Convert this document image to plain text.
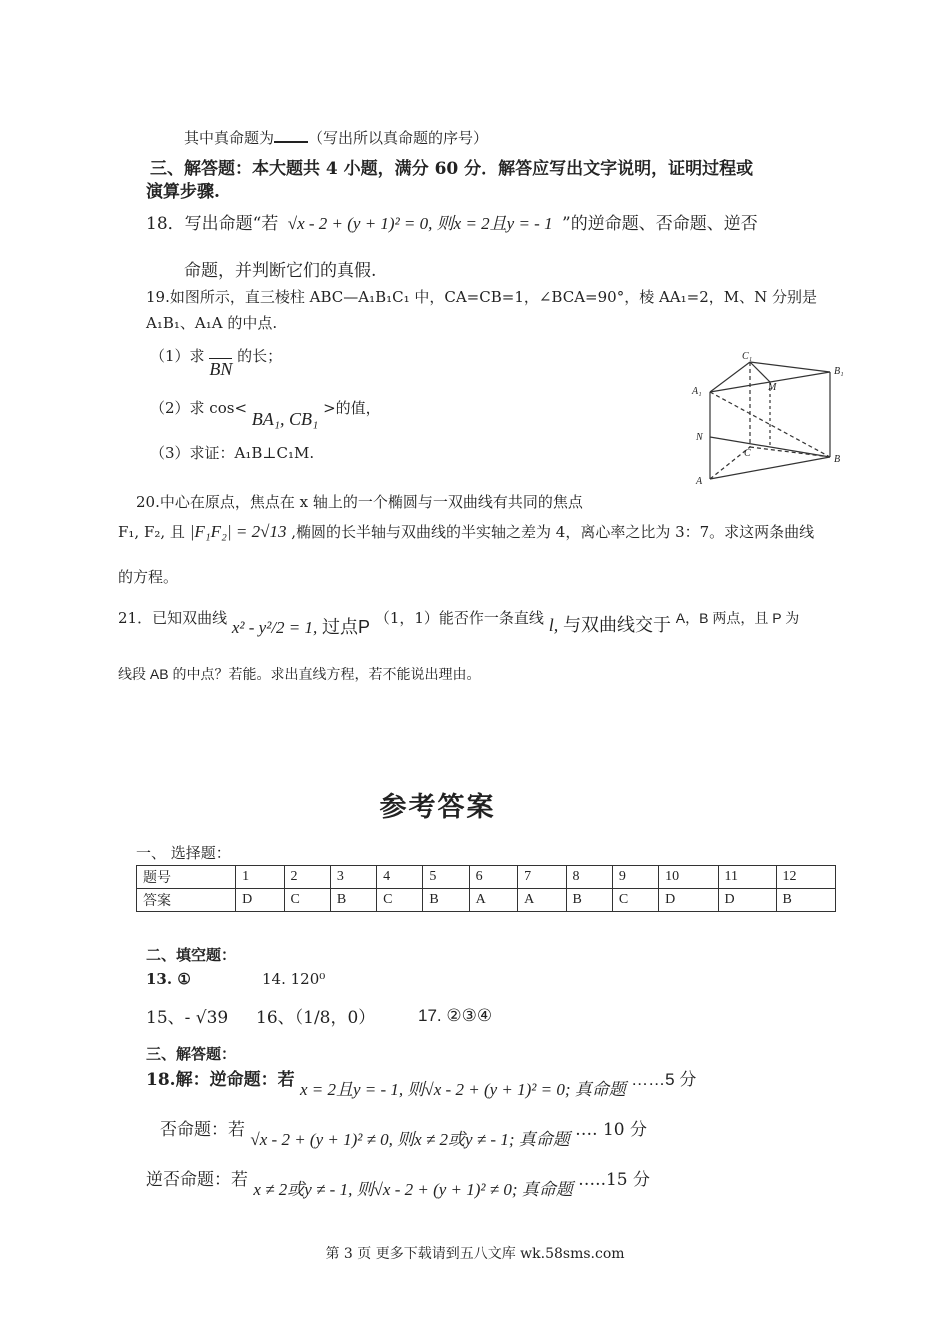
其中真命题为 （写出所以真命题的序号）
三、解答题：本大题共 4 小题，满分 60 分．解答应写出文字说明，证明过程或
演算步骤.
18．写出命题“若 √x - 2 + (y + 1)² = 0, 则x = 2且y = - 1 ”的逆命题、否命题、逆否
命题，并判断它们的真假.
19.如图所示，直三棱柱 ABC—A₁B₁C₁ 中，CA=CB=1，∠BCA=90°，棱 AA₁=2，M、N 分别是
A₁B₁、A₁A 的中点.
（1）求 BN 的长；
（2）求 cos< BA₁, CB₁ >的值，
（3）求证：A₁B⊥C₁M.
C₁
B₁
A₁	M
N
C
B
A
20.中心在原点，焦点在 x 轴上的一个椭圆与一双曲线有共同的焦点
F₁, F₂, 且 |F₁F₂| = 2√13 ,椭圆的长半轴与双曲线的半实轴之差为 4，离心率之比为 3：7。求这两条曲线
的方程。
21．已知双曲线 x² - y²/2 = 1, 过点P （1，1）能否作一条直线 l, 与双曲线交于 A，B 两点，且 P 为
线段 AB 的中点？若能。求出直线方程，若不能说出理由。
参考答案
一、 选择题：
题号	1	2	3	4	5	6	7	8	9	10	11	12
答案	D	C	B	C	B	A	A	B	C	D	D	B
二、填空题：
13. ①	14. 120⁰
15、- √39 16、（1/8，0）	17. ②③④
三、解答题：
18.解：逆命题：若 x = 2且y = - 1, 则√x - 2 + (y + 1)² = 0; 真命题 ……5 分
否命题：若 √x - 2 + (y + 1)² ≠ 0, 则x ≠ 2或y ≠ - 1; 真命题 …. 10 分
逆否命题：若 x ≠ 2或y ≠ - 1, 则√x - 2 + (y + 1)² ≠ 0; 真命题 …..15 分
第 3 页 更多下载请到五八文库 wk.58sms.com
